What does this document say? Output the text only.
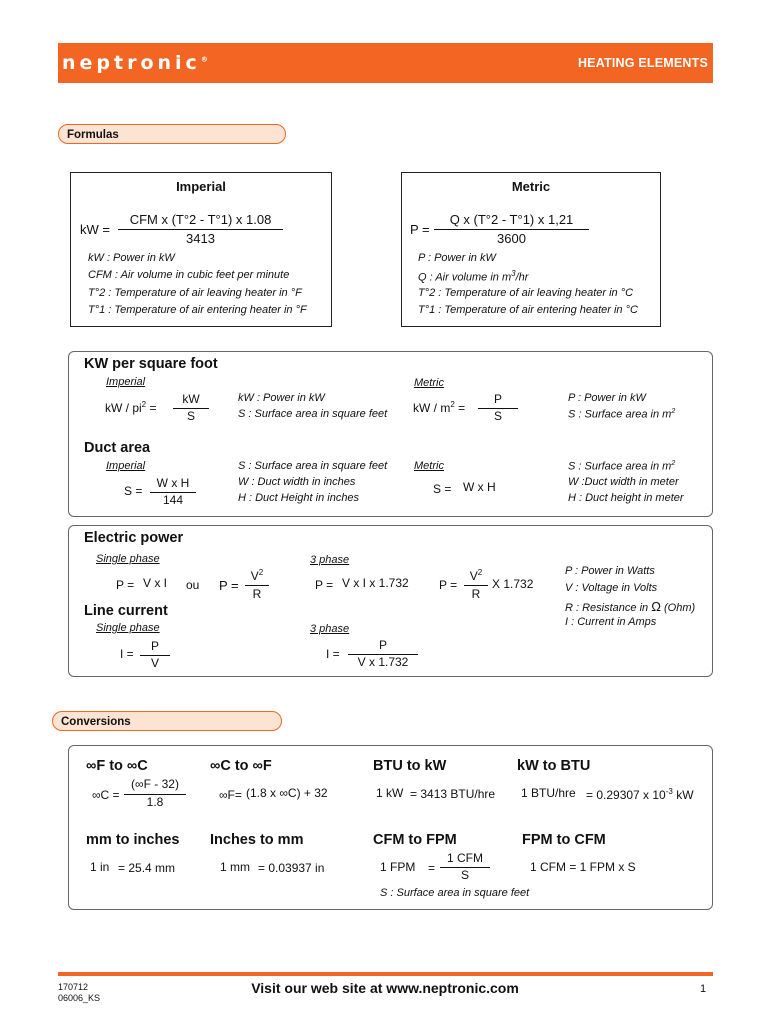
neptronic®	HEATING ELEMENTS
Formulas
Imperial
kW =
CFM x (T°2 - T°1) x 1.08
3413
kW : Power in kW
CFM : Air volume in cubic feet per minute
T°2 : Temperature of air leaving heater in °F
T°1 : Temperature of air entering heater in °F
Metric
P =
Q x (T°2 - T°1) x 1,21
3600
P : Power in kW
Q : Air volume in $m^3/hr$
T°2 : Temperature of air leaving heater in °C
T°1 : Temperature of air entering heater in °C
KW per square foot
Imperial	Metric
kW / $pi^2$ =
kW
S
kW : Power in kW
S : Surface area in square feet kW / $m^2$ =
P
S
P : Power in kW
S : Surface area in $m^2$
Duct area
Imperial	Metric
S =
W x H
144
S : Surface area in square feet
W : Duct width in inches
H : Duct Height in inches
S = W x H
S : Surface area in $m^2$
W :Duct width in meter
H : Duct height in meter
Electric power
Single phase	3 phase
P = V x I ou P =
$V^2$
R
P = V x I x 1.732	P =
$V^2$
R
X 1.732
P : Power in Watts
V : Voltage in Volts
R : Resistance in Ω (Ohm)
I : Current in Amps
Line current
Single phase	3 phase
I =
P
V
I =
P
V x 1.732
Conversions
∞F to ∞C
∞C =
(∞F - 32)
1.8
∞C to ∞F
∞F= (1.8 x ∞C) + 32
BTU to kW
1 kW = 3413 BTU/hre
kW to BTU
1 BTU/hre = 0.29307 x $10^{-3}$ kW
mm to inches
1 in = 25.4 mm
Inches to mm
1 mm = 0.03937 in
CFM to FPM
1 FPM =
1 CFM
S
S : Surface area in square feet
FPM to CFM
1 CFM = 1 FPM x S
170712
06006_KS
Visit our web site at www.neptronic.com	1
